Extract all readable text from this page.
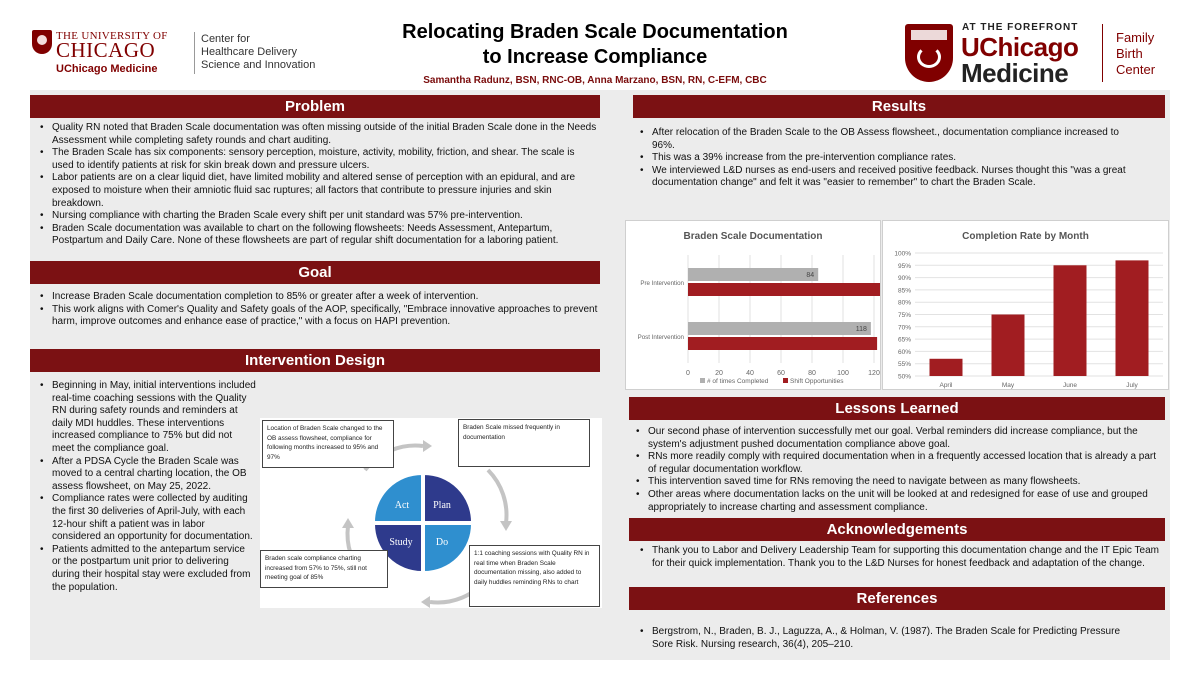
THE UNIVERSITY OF
CHICAGO
UChicago Medicine
Center for
Healthcare Delivery
Science and Innovation
Relocating Braden Scale Documentation
to Increase Compliance
Samantha Radunz, BSN, RNC-OB, Anna Marzano, BSN, RN, C-EFM, CBC
AT THE FOREFRONT
UChicago
Medicine
Family
Birth
Center
Problem
• Quality RN noted that Braden Scale documentation was often missing outside of the initial Braden Scale done in the Needs Assessment while completing safety rounds and chart auditing.
• The Braden Scale has six components: sensory perception, moisture, activity, mobility, friction, and shear. The scale is used to identify patients at risk for skin break down and pressure ulcers.
• Labor patients are on a clear liquid diet, have limited mobility and altered sense of perception with an epidural, and are exposed to moisture when their amniotic fluid sac ruptures; all factors that contribute to pressure injuries and skin breakdown.
• Nursing compliance with charting the Braden Scale every shift per unit standard was 57% pre-intervention.
• Braden Scale documentation was available to chart on the following flowsheets: Needs Assessment, Antepartum, Postpartum and Daily Care. None of these flowsheets are part of regular shift documentation for a laboring patient.
Goal
• Increase Braden Scale documentation completion to 85% or greater after a week of intervention.
• This work aligns with Comer's Quality and Safety goals of the AOP, specifically, "Embrace innovative approaches to prevent harm, improve outcomes and enhance ease of practice," with a focus on HAPI prevention.
Intervention Design
• Beginning in May, initial interventions included real-time coaching sessions with the Quality RN during safety rounds and reminders at daily MDI huddles. These interventions increased compliance to 75% but did not meet the compliance goal.
• After a PDSA Cycle the Braden Scale was moved to a central charting location, the OB assess flowsheet, on May 25, 2022.
• Compliance rates were collected by auditing the first 30 deliveries of April-July, with each 12-hour shift a patient was in labor considered an opportunity for documentation.
• Patients admitted to the antepartum service or the postpartum unit prior to delivering during their hospital stay were excluded from the population.
Act Plan
Study Do
Location of Braden Scale changed to the OB assess flowsheet, compliance for following months increased to 95% and 97%
Braden Scale missed frequently in documentation
Braden scale compliance charting increased from 57% to 75%, still not meeting goal of 85%
1:1 coaching sessions with Quality RN in real time when Braden Scale documentation missing, also added to daily huddles reminding RNs to chart
Results
• After relocation of the Braden Scale to the OB Assess flowsheet., documentation compliance increased to 96%.
• This was a 39% increase from the pre-intervention compliance rates.
• We interviewed L&D nurses as end-users and received positive feedback. Nurses thought this "was a great documentation change" and felt it was "easier to remember" to chart the Braden Scale.
Braden Scale Documentation
0	20	40	60	80	100	120
Pre Intervention
84
Post Intervention
118
# of times Completed	Shift Opportunities
Completion Rate by Month
50%
55%
60%
65%
70%
75%
80%
85%
90%
95%
100%
April	May	June	July
Lessons Learned
• Our second phase of intervention successfully met our goal. Verbal reminders did increase compliance, but the system's adjustment pushed documentation compliance above goal.
• RNs more readily comply with required documentation when in a frequently accessed location that is already a part of regular documentation workflow.
• This intervention saved time for RNs removing the need to navigate between as many flowsheets.
• Other areas where documentation lacks on the unit will be looked at and redesigned for ease of use and grouped appropriately to increase charting and assessment compliance.
Acknowledgements
• Thank you to Labor and Delivery Leadership Team for supporting this documentation change and the IT Epic Team for their quick implementation. Thank you to the L&D Nurses for honest feedback and adaptation of the change.
References
• Bergstrom, N., Braden, B. J., Laguzza, A., & Holman, V. (1987). The Braden Scale for Predicting Pressure Sore Risk. Nursing research, 36(4), 205–210.
